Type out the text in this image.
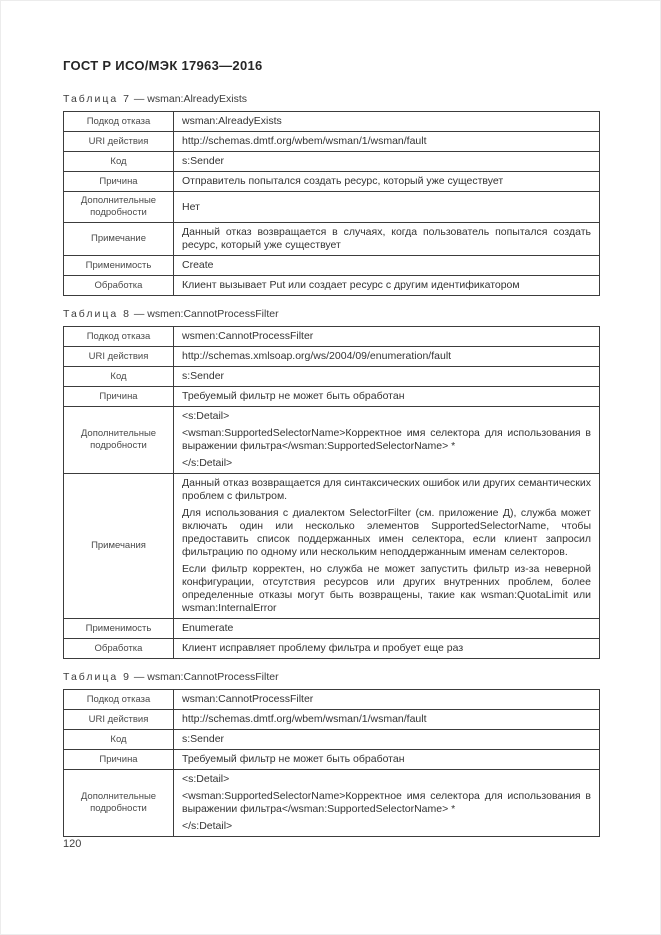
ГОСТ Р ИСО/МЭК 17963—2016

Таблица 7 — wsman:AlreadyExists

Подкод отказа	wsman:AlreadyExists

URI действия	http://schemas.dmtf.org/wbem/wsman/1/wsman/fault

Код	s:Sender

Причина	Отправитель попытался создать ресурс, который уже существует

Дополнительные подробности	Нет

Примечание	Данный отказ возвращается в случаях, когда пользователь попытался создать ресурс, который уже существует

Применимость	Create

Обработка	Клиент вызывает Put или создает ресурс с другим идентификатором

Таблица 8 — wsmen:CannotProcessFilter

Подкод отказа	wsmen:CannotProcessFilter

URI действия	http://schemas.xmlsoap.org/ws/2004/09/enumeration/fault

Код	s:Sender

Причина	Требуемый фильтр не может быть обработан

Дополнительные подробности	<s:Detail>

<wsman:SupportedSelectorName>Корректное имя селектора для использования в выражении фильтра</wsman:SupportedSelectorName> *

</s:Detail>

Примечания	Данный отказ возвращается для синтаксических ошибок или других семантических проблем с фильтром.

Для использования с диалектом SelectorFilter (см. приложение Д), служба может включать один или несколько элементов SupportedSelectorName, чтобы предоставить список поддержанных имен селектора, если клиент запросил фильтрацию по одному или нескольким неподдержанным именам селекторов.

Если фильтр корректен, но служба не может запустить фильтр из-за неверной конфигурации, отсутствия ресурсов или других внутренних проблем, более определенные отказы могут быть возвращены, такие как wsman:QuotaLimit или wsman:InternalError

Применимость	Enumerate

Обработка	Клиент исправляет проблему фильтра и пробует еще раз

Таблица 9 — wsman:CannotProcessFilter

Подкод отказа	wsman:CannotProcessFilter

URI действия	http://schemas.dmtf.org/wbem/wsman/1/wsman/fault

Код	s:Sender

Причина	Требуемый фильтр не может быть обработан

Дополнительные подробности	<s:Detail>

<wsman:SupportedSelectorName>Корректное имя селектора для использования в выражении фильтра</wsman:SupportedSelectorName> *

</s:Detail>

120
